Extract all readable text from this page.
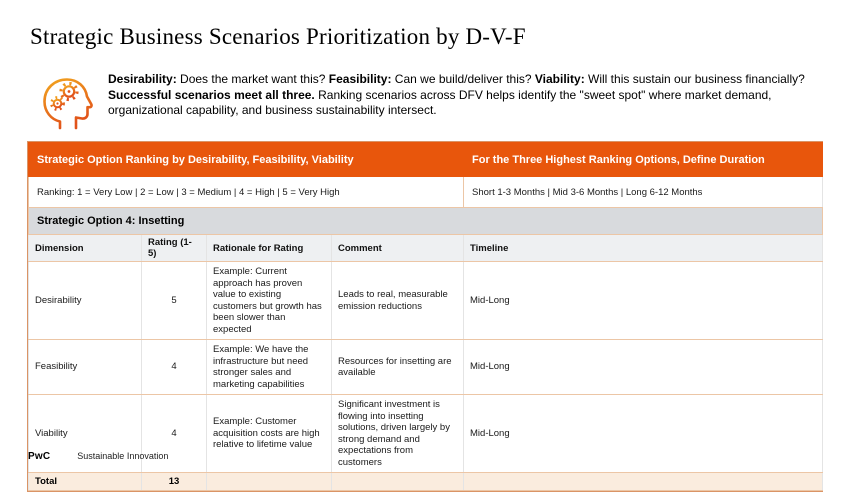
Strategic Business Scenarios Prioritization by D-V-F
Desirability: Does the market want this? Feasibility: Can we build/deliver this? Viability: Will this sustain our business financially? Successful scenarios meet all three. Ranking scenarios across DFV helps identify the "sweet spot" where market demand, organizational capability, and business sustainability intersect.
Strategic Option Ranking by Desirability, Feasibility, Viability				For the Three Highest Ranking Options, Define Duration
Ranking: 1 = Very Low | 2 = Low | 3 = Medium | 4 = High | 5 = Very High				Short 1-3 Months | Mid 3-6 Months | Long 6-12 Months
Strategic Option 4: Insetting				
Dimension	Rating (1-5)	Rationale for Rating	Comment	Timeline
Desirability	5	Example: Current approach has proven value to existing customers but growth has been slower than expected	Leads to real, measurable emission reductions	Mid-Long
Feasibility	4	Example: We have the infrastructure but need stronger sales and marketing capabilities	Resources for insetting are available	Mid-Long
Viability	4	Example: Customer acquisition costs are high relative to lifetime value	Significant investment is flowing into insetting solutions, driven largely by strong demand and expectations from customers	Mid-Long
Total	13			
PwC	Sustainable Innovation
